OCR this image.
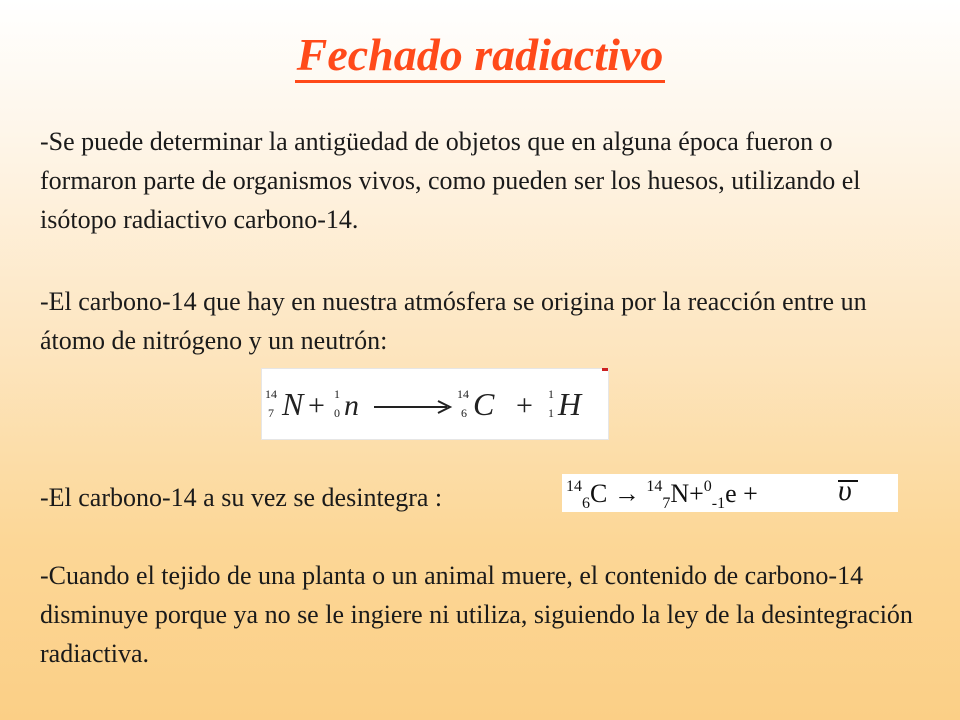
Fechado radiactivo

-Se puede determinar la antigüedad de objetos que en alguna época fueron o formaron parte de organismos vivos, como pueden ser los huesos, utilizando el isótopo radiactivo carbono-14.

-El carbono-14 que hay en nuestra atmósfera se origina por la reacción entre un átomo de nitrógeno y un neutrón:

14
7 N + 1
0 n	14
6 C + 1
1 H

-El carbono-14 a su vez se desintegra :	$^{14}_6$C → $^{14}_7$N+$^0_{-1}$e +	υ

-Cuando el tejido de una planta o un animal muere, el contenido de carbono-14 disminuye porque ya no se le ingiere ni utiliza, siguiendo la ley de la desintegración radiactiva.
